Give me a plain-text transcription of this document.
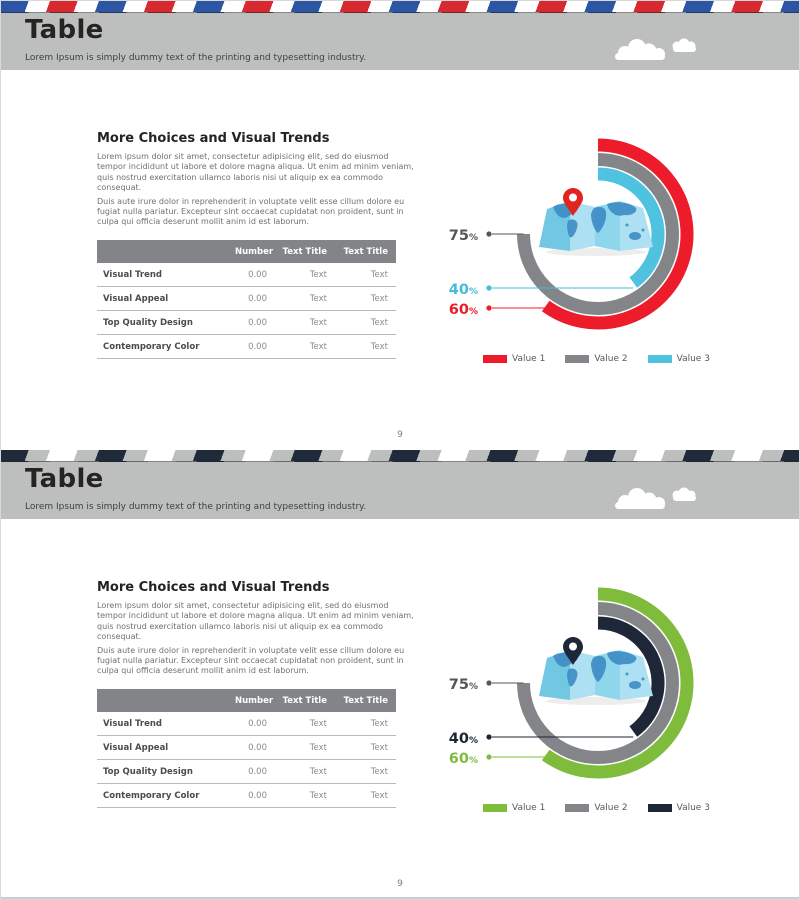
Table

Lorem Ipsum is simply dummy text of the printing and typesetting industry.

More Choices and Visual Trends

Lorem ipsum dolor sit amet, consectetur adipisicing elit, sed do eiusmod tempor incididunt ut labore et dolore magna aliqua. Ut enim ad minim veniam, quis nostrud exercitation ullamco laboris nisi ut aliquip ex ea commodo consequat.

Duis aute irure dolor in reprehenderit in voluptate velit esse cillum dolore eu fugiat nulla pariatur. Excepteur sint occaecat cupidatat non proident, sunt in culpa qui officia deserunt mollit anim id est laborum.

	Number	Text Title	Text Title
Visual Trend	0.00	Text	Text
Visual Appeal	0.00	Text	Text
Top Quality Design	0.00	Text	Text
Contemporary Color	0.00	Text	Text
75%
40%
60%
Value 1	Value 2	Value 3
9
Table

Lorem Ipsum is simply dummy text of the printing and typesetting industry.

More Choices and Visual Trends

Lorem ipsum dolor sit amet, consectetur adipisicing elit, sed do eiusmod tempor incididunt ut labore et dolore magna aliqua. Ut enim ad minim veniam, quis nostrud exercitation ullamco laboris nisi ut aliquip ex ea commodo consequat.

Duis aute irure dolor in reprehenderit in voluptate velit esse cillum dolore eu fugiat nulla pariatur. Excepteur sint occaecat cupidatat non proident, sunt in culpa qui officia deserunt mollit anim id est laborum.

	Number	Text Title	Text Title
Visual Trend	0.00	Text	Text
Visual Appeal	0.00	Text	Text
Top Quality Design	0.00	Text	Text
Contemporary Color	0.00	Text	Text
75%
40%
60%
Value 1	Value 2	Value 3
9
